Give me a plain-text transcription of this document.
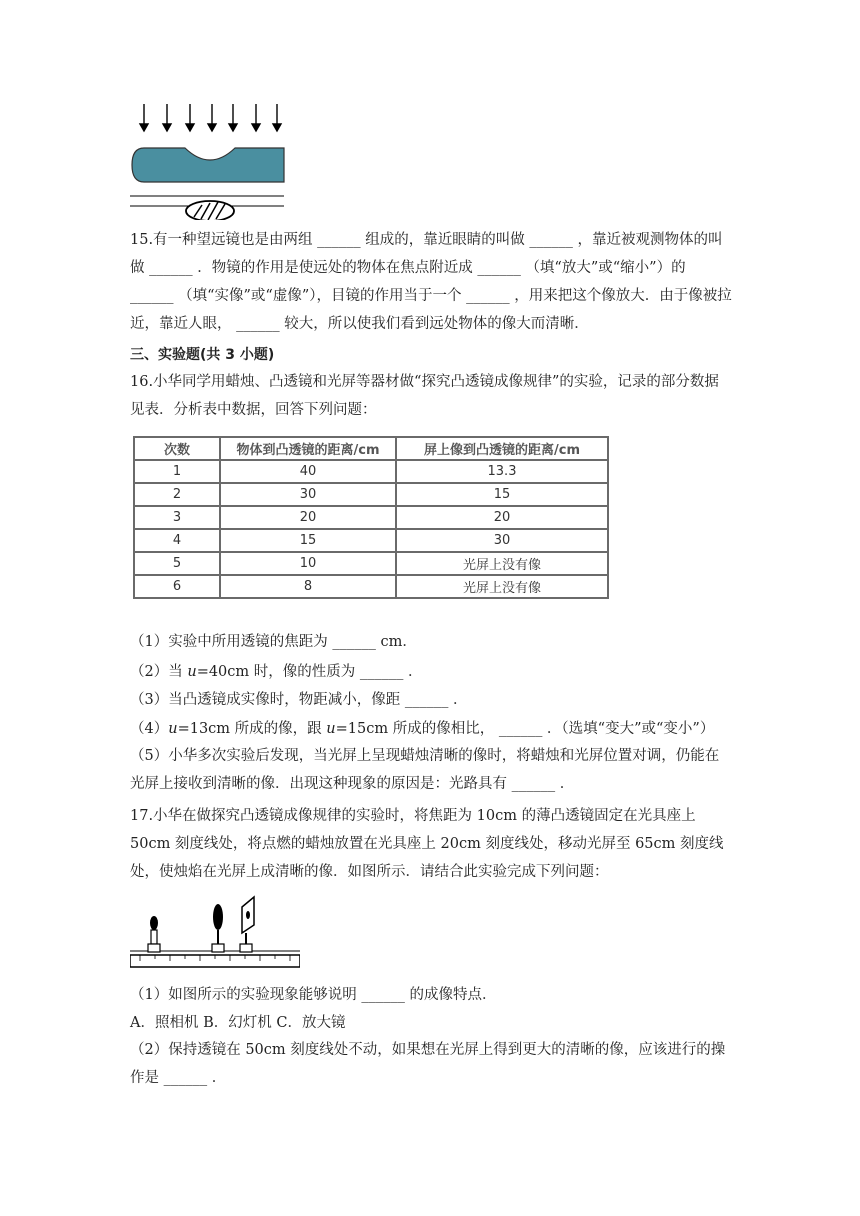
15.有一种望远镜也是由两组 ______ 组成的，靠近眼睛的叫做 ______ ，靠近被观测物体的叫做 ______ ．物镜的作用是使远处的物体在焦点附近成 ______ （填“放大”或“缩小”）的 ______ （填“实像”或“虚像”），目镜的作用当于一个 ______ ，用来把这个像放大．由于像被拉近，靠近人眼， ______ 较大，所以使我们看到远处物体的像大而清晰．

三、实验题(共 3 小题)

16.小华同学用蜡烛、凸透镜和光屏等器材做“探究凸透镜成像规律”的实验，记录的部分数据见表．分析表中数据，回答下列问题：

次数	物体到凸透镜的距离/cm	屏上像到凸透镜的距离/cm
1	40	13.3
2	30	15
3	20	20
4	15	30
5	10	光屏上没有像
6	8	光屏上没有像
（1）实验中所用透镜的焦距为 ______ cm．
（2）当 u=40cm 时，像的性质为 ______ ．
（3）当凸透镜成实像时，物距减小，像距 ______ ．
（4）u=13cm 所成的像，跟 u=15cm 所成的像相比， ______ ．（选填“变大”或“变小”）

（5）小华多次实验后发现，当光屏上呈现蜡烛清晰的像时，将蜡烛和光屏位置对调，仍能在光屏上接收到清晰的像．出现这种现象的原因是：光路具有 ______ ．

17.小华在做探究凸透镜成像规律的实验时，将焦距为 10cm 的薄凸透镜固定在光具座上 50cm 刻度线处，将点燃的蜡烛放置在光具座上 20cm 刻度线处，移动光屏至 65cm 刻度线处，使烛焰在光屏上成清晰的像．如图所示．请结合此实验完成下列问题：

（1）如图所示的实验现象能够说明 ______ 的成像特点．
A．照相机 B．幻灯机 C．放大镜

（2）保持透镜在 50cm 刻度线处不动，如果想在光屏上得到更大的清晰的像，应该进行的操作是 ______ ．
